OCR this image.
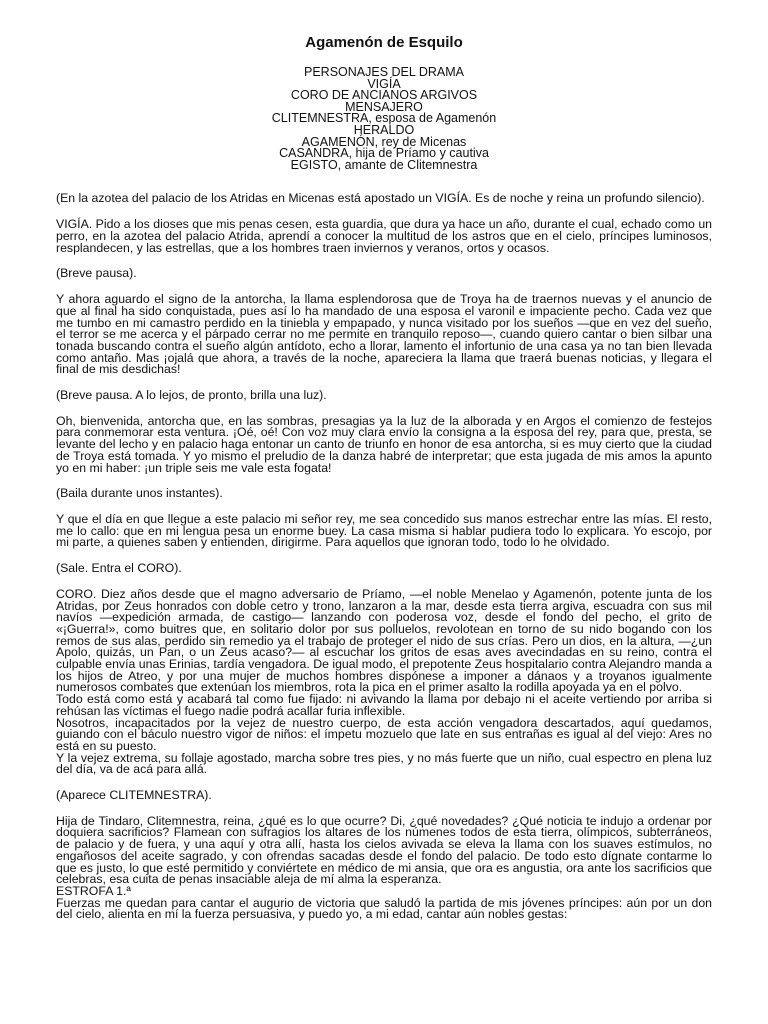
Agamenón de Esquilo
PERSONAJES DEL DRAMA
VIGÍA
CORO DE ANCIANOS ARGIVOS
MENSAJERO
CLITEMNESTRA, esposa de Agamenón
HERALDO
AGAMENÓN, rey de Micenas
CASANDRA, hija de Príamo y cautiva
EGISTO, amante de Clitemnestra

(En la azotea del palacio de los Atridas en Micenas está apostado un VIGÍA. Es de noche y reina un profundo silencio).

VIGÍA. Pido a los dioses que mis penas cesen, esta guardia, que dura ya hace un año, durante el cual, echado como un perro, en la azotea del palacio Atrida, aprendí a conocer la multitud de los astros que en el cielo, príncipes luminosos, resplandecen, y las estrellas, que a los hombres traen inviernos y veranos, ortos y ocasos.

(Breve pausa).

Y ahora aguardo el signo de la antorcha, la llama esplendorosa que de Troya ha de traernos nuevas y el anuncio de que al final ha sido conquistada, pues así lo ha mandado de una esposa el varonil e impaciente pecho. Cada vez que me tumbo en mi camastro perdido en la tiniebla y empapado, y nunca visitado por los sueños —que en vez del sueño, el terror se me acerca y el párpado cerrar no me permite en tranquilo reposo—, cuando quiero cantar o bien silbar una tonada buscando contra el sueño algún antídoto, echo a llorar, lamento el infortunio de una casa ya no tan bien llevada como antaño. Mas ¡ojalá que ahora, a través de la noche, apareciera la llama que traerá buenas noticias, y llegara el final de mis desdichas!

(Breve pausa. A lo lejos, de pronto, brilla una luz).

Oh, bienvenida, antorcha que, en las sombras, presagias ya la luz de la alborada y en Argos el comienzo de festejos para conmemorar esta ventura. ¡Oé, oé! Con voz muy clara envío la consigna a la esposa del rey, para que, presta, se levante del lecho y en palacio haga entonar un canto de triunfo en honor de esa antorcha, si es muy cierto que la ciudad de Troya está tomada. Y yo mismo el preludio de la danza habré de interpretar; que esta jugada de mis amos la apunto yo en mi haber: ¡un triple seis me vale esta fogata!

(Baila durante unos instantes).

Y que el día en que llegue a este palacio mi señor rey, me sea concedido sus manos estrechar entre las mías. El resto, me lo callo: que en mi lengua pesa un enorme buey. La casa misma si hablar pudiera todo lo explicara. Yo escojo, por mi parte, a quienes saben y entienden, dirigirme. Para aquellos que ignoran todo, todo lo he olvidado.

(Sale. Entra el CORO).

CORO. Diez años desde que el magno adversario de Príamo, —el noble Menelao y Agamenón, potente junta de los Atridas, por Zeus honrados con doble cetro y trono, lanzaron a la mar, desde esta tierra argiva, escuadra con sus mil navíos —expedición armada, de castigo— lanzando con poderosa voz, desde el fondo del pecho, el grito de «¡Guerra!», como buitres que, en solitario dolor por sus polluelos, revolotean en torno de su nido bogando con los remos de sus alas, perdido sin remedio ya el trabajo de proteger el nido de sus crías. Pero un dios, en la altura, —¿un Apolo, quizás, un Pan, o un Zeus acaso?— al escuchar los gritos de esas aves avecindadas en su reino, contra el culpable envía unas Erinias, tardía vengadora. De igual modo, el prepotente Zeus hospitalario contra Alejandro manda a los hijos de Atreo, y por una mujer de muchos hombres dispónese a imponer a dánaos y a troyanos igualmente numerosos combates que extenúan los miembros, rota la pica en el primer asalto la rodilla apoyada ya en el polvo.
Todo está como está y acabará tal como fue fijado: ni avivando la llama por debajo ni el aceite vertiendo por arriba si rehúsan las víctimas el fuego nadie podrá acallar furia inflexible.
Nosotros, incapacitados por la vejez de nuestro cuerpo, de esta acción vengadora descartados, aquí quedamos, guiando con el báculo nuestro vigor de niños: el ímpetu mozuelo que late en sus entrañas es igual al del viejo: Ares no está en su puesto.
Y la vejez extrema, su follaje agostado, marcha sobre tres pies, y no más fuerte que un niño, cual espectro en plena luz del día, va de acá para allá.

(Aparece CLITEMNESTRA).

Hija de Tindaro, Clitemnestra, reina, ¿qué es lo que ocurre? Di, ¿qué novedades? ¿Qué noticia te indujo a ordenar por doquiera sacrificios? Flamean con sufragios los altares de los númenes todos de esta tierra, olímpicos, subterráneos, de palacio y de fuera, y una aquí y otra allí, hasta los cielos avivada se eleva la llama con los suaves estímulos, no engañosos del aceite sagrado, y con ofrendas sacadas desde el fondo del palacio. De todo esto dígnate contarme lo que es justo, lo que esté permitido y conviértete en médico de mi ansia, que ora es angustia, ora ante los sacrificios que celebras, esa cuita de penas insaciable aleja de mí alma la esperanza.
ESTROFA 1.ª
Fuerzas me quedan para cantar el augurio de victoria que saludó la partida de mis jóvenes príncipes: aún por un don del cielo, alienta en mí la fuerza persuasiva, y puedo yo, a mi edad, cantar aún nobles gestas:
